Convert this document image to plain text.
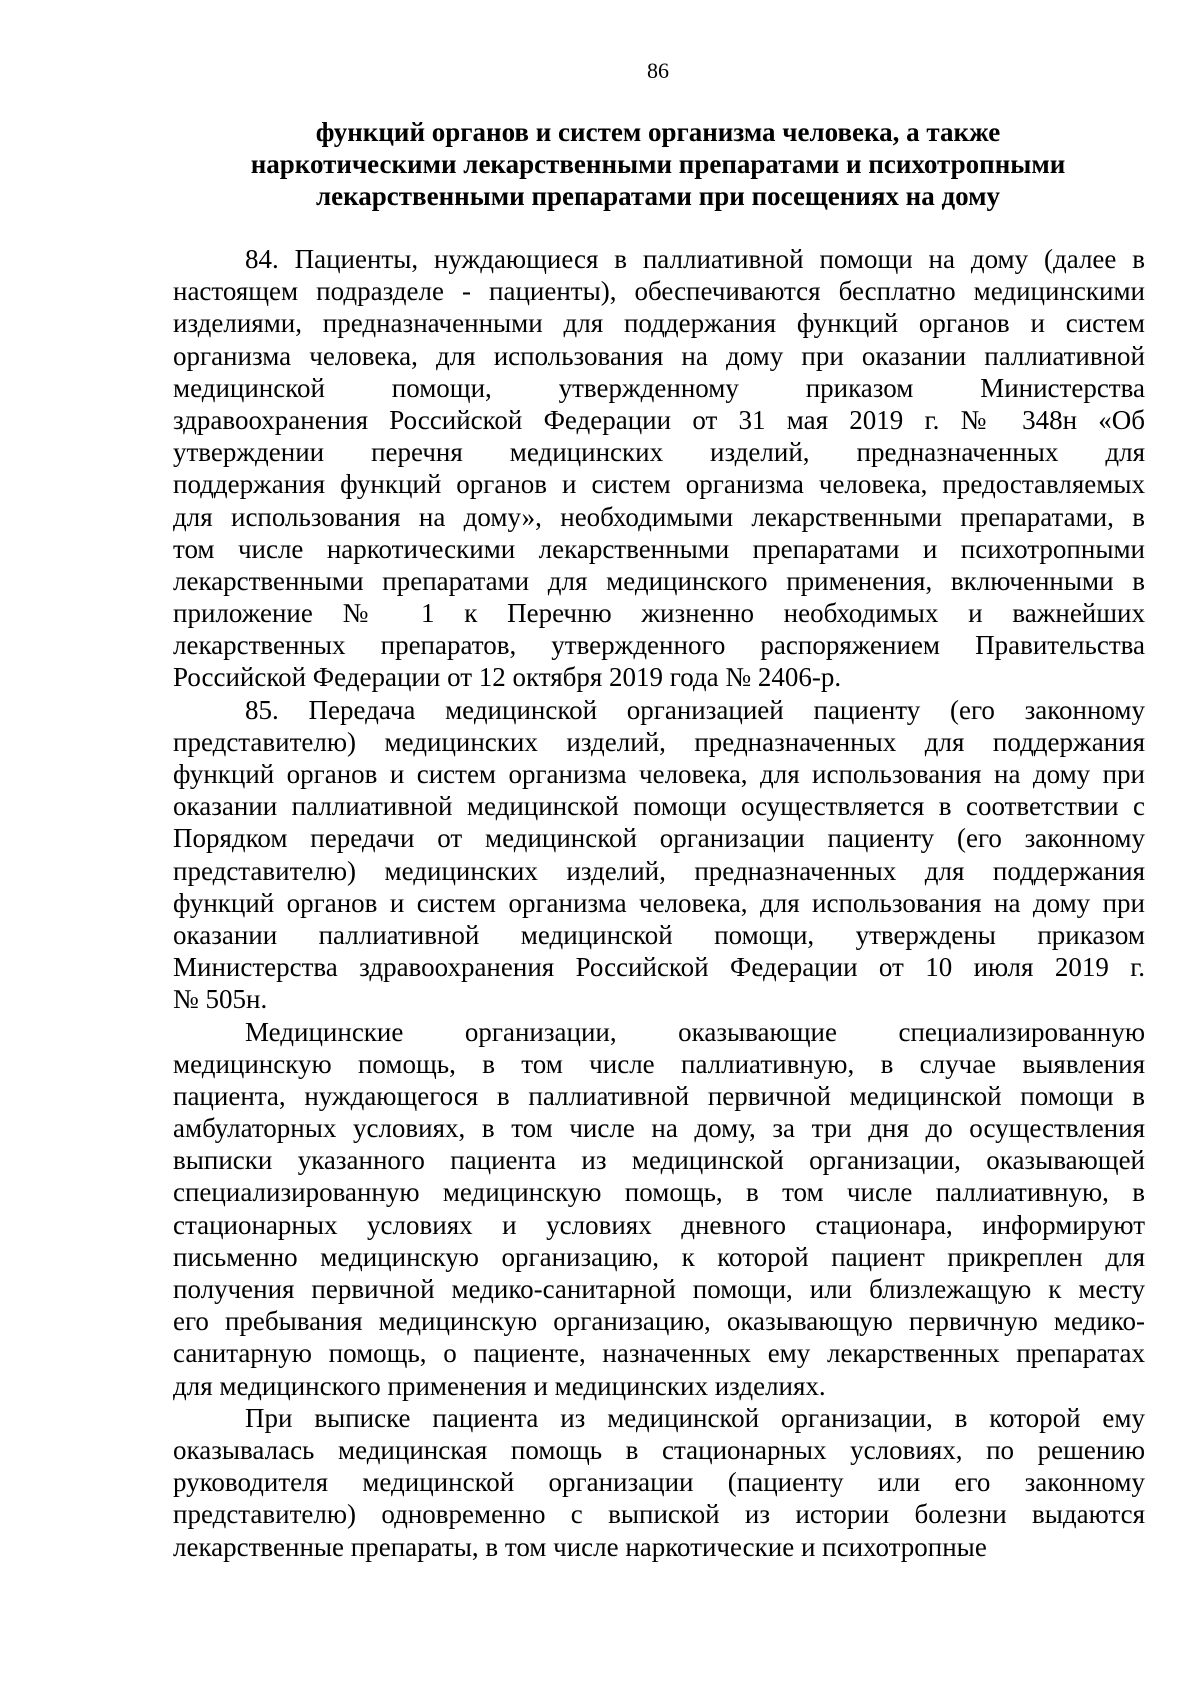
86
функций органов и систем организма человека, а также
наркотическими лекарственными препаратами и психотропными
лекарственными препаратами при посещениях на дому
84. Пациенты, нуждающиеся в паллиативной помощи на дому (далее в
настоящем подразделе - пациенты), обеспечиваются бесплатно медицинскими
изделиями, предназначенными для поддержания функций органов и систем
организма человека, для использования на дому при оказании паллиативной
медицинской помощи, утвержденному приказом Министерства
здравоохранения Российской Федерации от 31 мая 2019 г. № 348н «Об
утверждении перечня медицинских изделий, предназначенных для
поддержания функций органов и систем организма человека, предоставляемых
для использования на дому», необходимыми лекарственными препаратами, в
том числе наркотическими лекарственными препаратами и психотропными
лекарственными препаратами для медицинского применения, включенными в
приложение № 1 к Перечню жизненно необходимых и важнейших
лекарственных препаратов, утвержденного распоряжением Правительства
Российской Федерации от 12 октября 2019 года № 2406-р.
85. Передача медицинской организацией пациенту (его законному
представителю) медицинских изделий, предназначенных для поддержания
функций органов и систем организма человека, для использования на дому при
оказании паллиативной медицинской помощи осуществляется в соответствии с
Порядком передачи от медицинской организации пациенту (его законному
представителю) медицинских изделий, предназначенных для поддержания
функций органов и систем организма человека, для использования на дому при
оказании паллиативной медицинской помощи, утверждены приказом
Министерства здравоохранения Российской Федерации от 10 июля 2019 г.
№ 505н.
Медицинские организации, оказывающие специализированную
медицинскую помощь, в том числе паллиативную, в случае выявления
пациента, нуждающегося в паллиативной первичной медицинской помощи в
амбулаторных условиях, в том числе на дому, за три дня до осуществления
выписки указанного пациента из медицинской организации, оказывающей
специализированную медицинскую помощь, в том числе паллиативную, в
стационарных условиях и условиях дневного стационара, информируют
письменно медицинскую организацию, к которой пациент прикреплен для
получения первичной медико-санитарной помощи, или близлежащую к месту
его пребывания медицинскую организацию, оказывающую первичную медико-
санитарную помощь, о пациенте, назначенных ему лекарственных препаратах
для медицинского применения и медицинских изделиях.
При выписке пациента из медицинской организации, в которой ему
оказывалась медицинская помощь в стационарных условиях, по решению
руководителя медицинской организации (пациенту или его законному
представителю) одновременно с выпиской из истории болезни выдаются
лекарственные препараты, в том числе наркотические и психотропные
